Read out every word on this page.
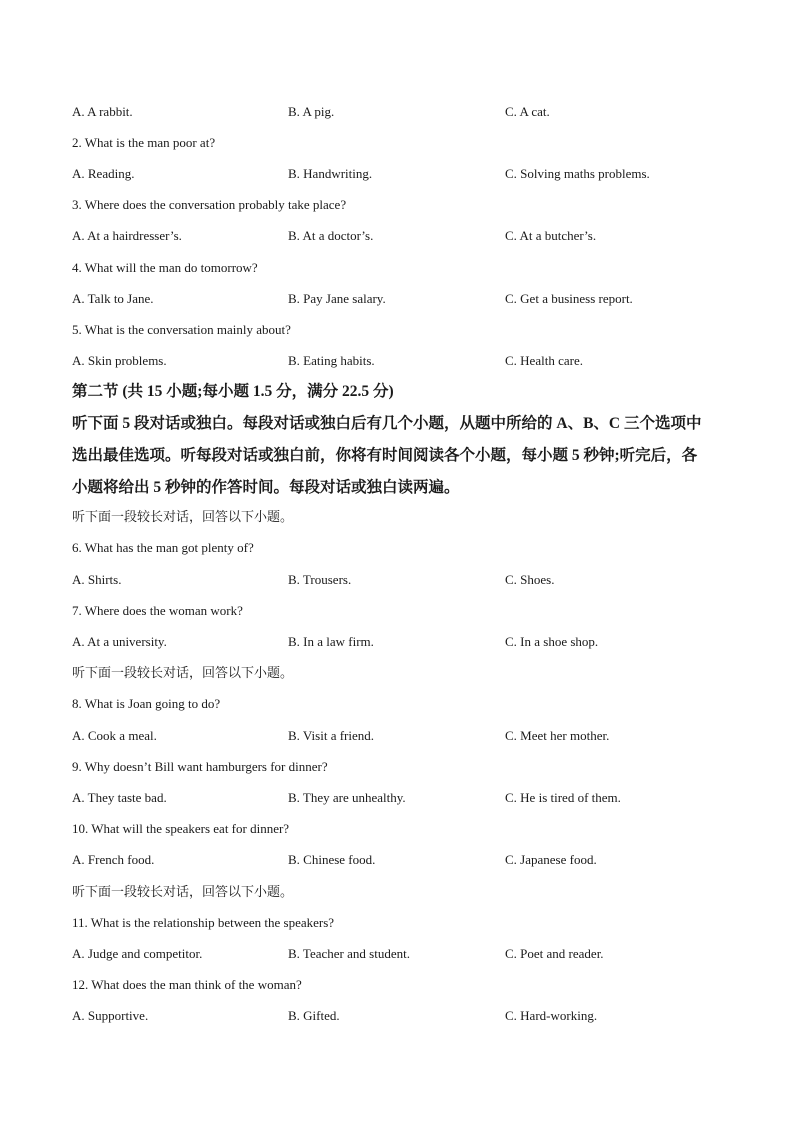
A. A rabbit.	B. A pig.	C. A cat.
2. What is the man poor at?
A. Reading.	B. Handwriting.	C. Solving maths problems.
3. Where does the conversation probably take place?
A. At a hairdresser’s.	B. At a doctor’s.	C. At a butcher’s.
4. What will the man do tomorrow?
A. Talk to Jane.	B. Pay Jane salary.	C. Get a business report.
5. What is the conversation mainly about?
A. Skin problems.	B. Eating habits.	C. Health care.
第二节 (共 15 小题;每小题 1.5 分，满分 22.5 分)
听下面 5 段对话或独白。每段对话或独白后有几个小题，从题中所给的 A、B、C 三个选项中
选出最佳选项。听每段对话或独白前，你将有时间阅读各个小题，每小题 5 秒钟;听完后，各
小题将给出 5 秒钟的作答时间。每段对话或独白读两遍。
听下面一段较长对话，回答以下小题。
6. What has the man got plenty of?
A. Shirts.	B. Trousers.	C. Shoes.
7. Where does the woman work?
A. At a university.	B. In a law firm.	C. In a shoe shop.
听下面一段较长对话，回答以下小题。
8. What is Joan going to do?
A. Cook a meal.	B. Visit a friend.	C. Meet her mother.
9. Why doesn’t Bill want hamburgers for dinner?
A. They taste bad.	B. They are unhealthy.	C. He is tired of them.
10. What will the speakers eat for dinner?
A. French food.	B. Chinese food.	C. Japanese food.
听下面一段较长对话，回答以下小题。
11. What is the relationship between the speakers?
A. Judge and competitor.	B. Teacher and student.	C. Poet and reader.
12. What does the man think of the woman?
A. Supportive.	B. Gifted.	C. Hard-working.
